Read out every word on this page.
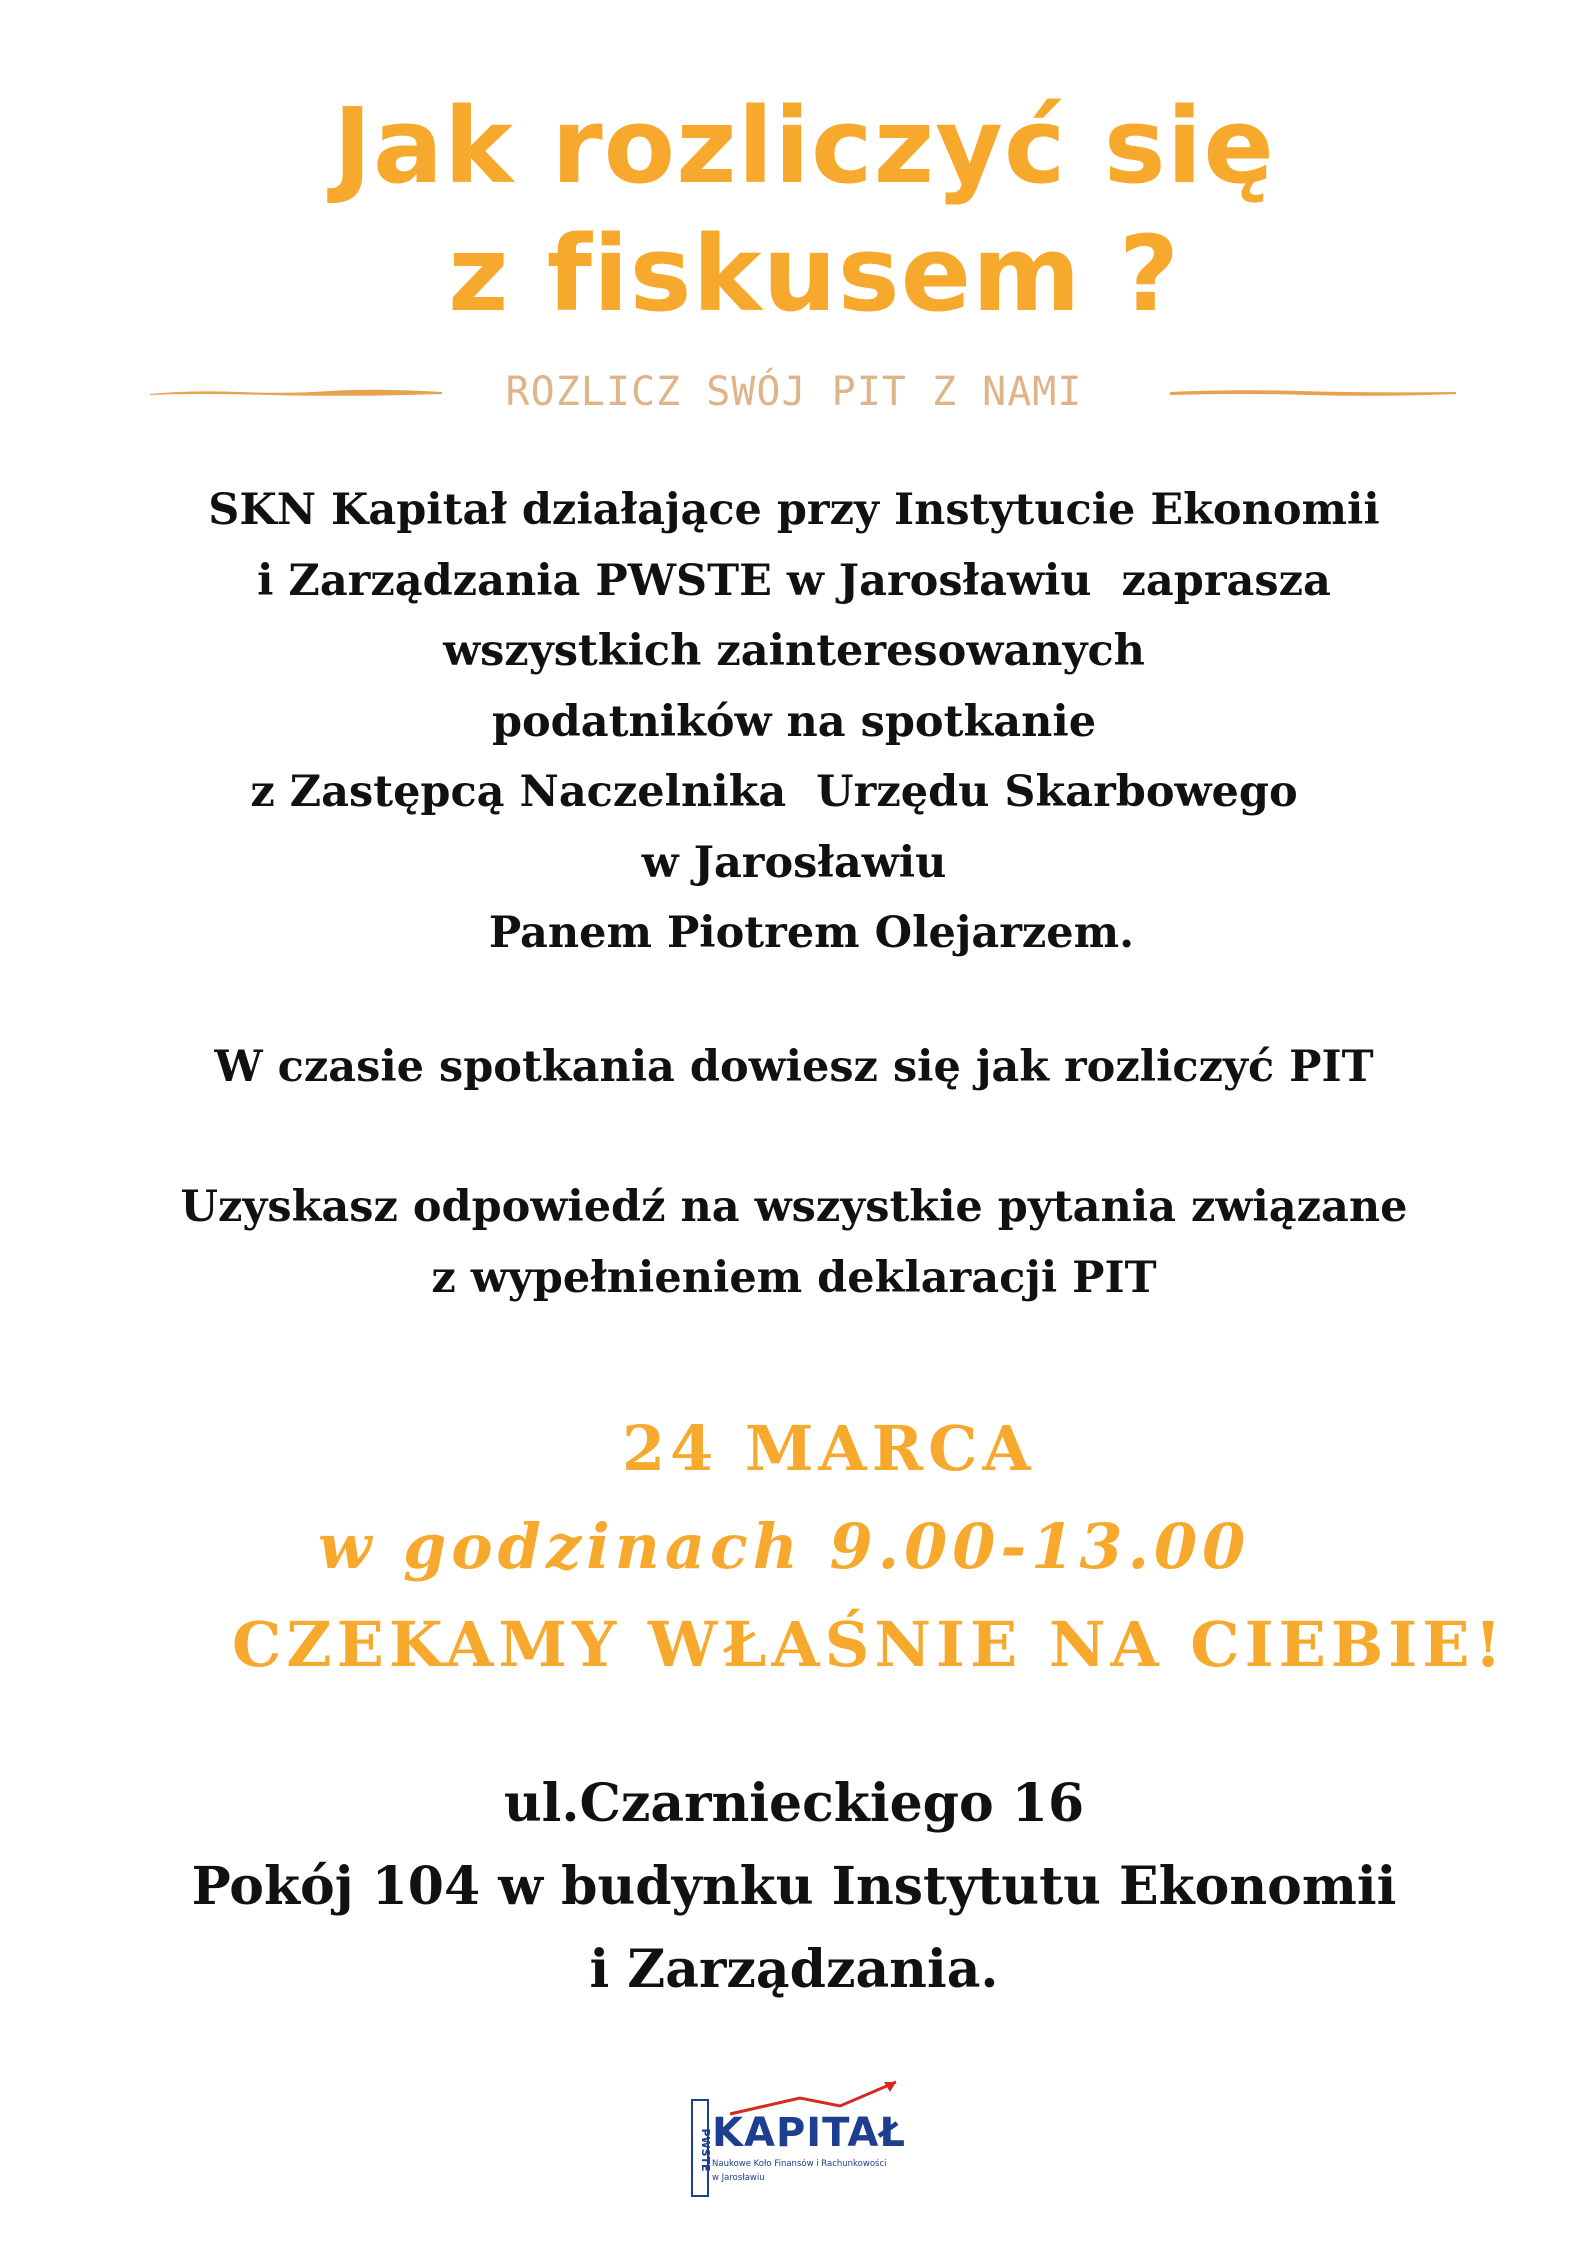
Jak rozliczyć się
z fiskusem ?
ROZLICZ SWÓJ PIT Z NAMI
SKN Kapitał działające przy Instytucie Ekonomii
i Zarządzania PWSTE w Jarosławiu  zaprasza
wszystkich zainteresowanych
podatników na spotkanie
z Zastępcą Naczelnika  Urzędu Skarbowego
w Jarosławiu
Panem Piotrem Olejarzem.
W czasie spotkania dowiesz się jak rozliczyć PIT
Uzyskasz odpowiedź na wszystkie pytania związane
z wypełnieniem deklaracji PIT
24 MARCA
w godzinach 9.00-13.00
CZEKAMY WŁAŚNIE NA CIEBIE!
ul.Czarnieckiego 16
Pokój 104 w budynku Instytutu Ekonomii
i Zarządzania.
PWSTE KAPITAŁ
Naukowe Koło Finansów i Rachunkowości
w Jarosławiu
